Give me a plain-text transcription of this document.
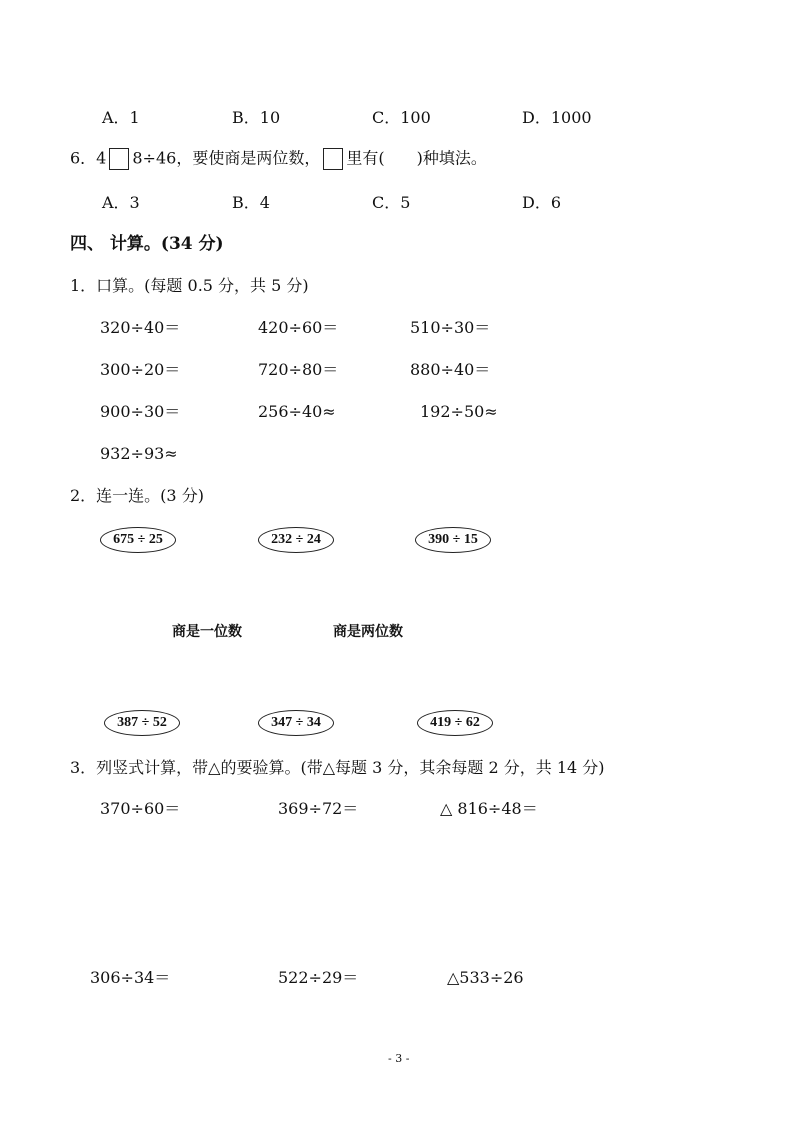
A．1	B．10	C．100	D．1000
6．4 8÷46，要使商是两位数， 里有(　　)种填法。
A．3	B．4	C．5	D．6
四、 计算。(34 分)
1．口算。(每题 0.5 分，共 5 分)
320÷40＝	420÷60＝	510÷30＝
300÷20＝	720÷80＝	880÷40＝
900÷30＝	256÷40≈	192÷50≈
932÷93≈
2．连一连。(3 分)
675 ÷ 25	232 ÷ 24	390 ÷ 15
商是一位数	商是两位数
387 ÷ 52	347 ÷ 34	419 ÷ 62
3．列竖式计算，带△的要验算。(带△每题 3 分，其余每题 2 分，共 14 分)
370÷60＝	369÷72＝	△ 816÷48＝
306÷34＝	522÷29＝	△533÷26
- 3 -
